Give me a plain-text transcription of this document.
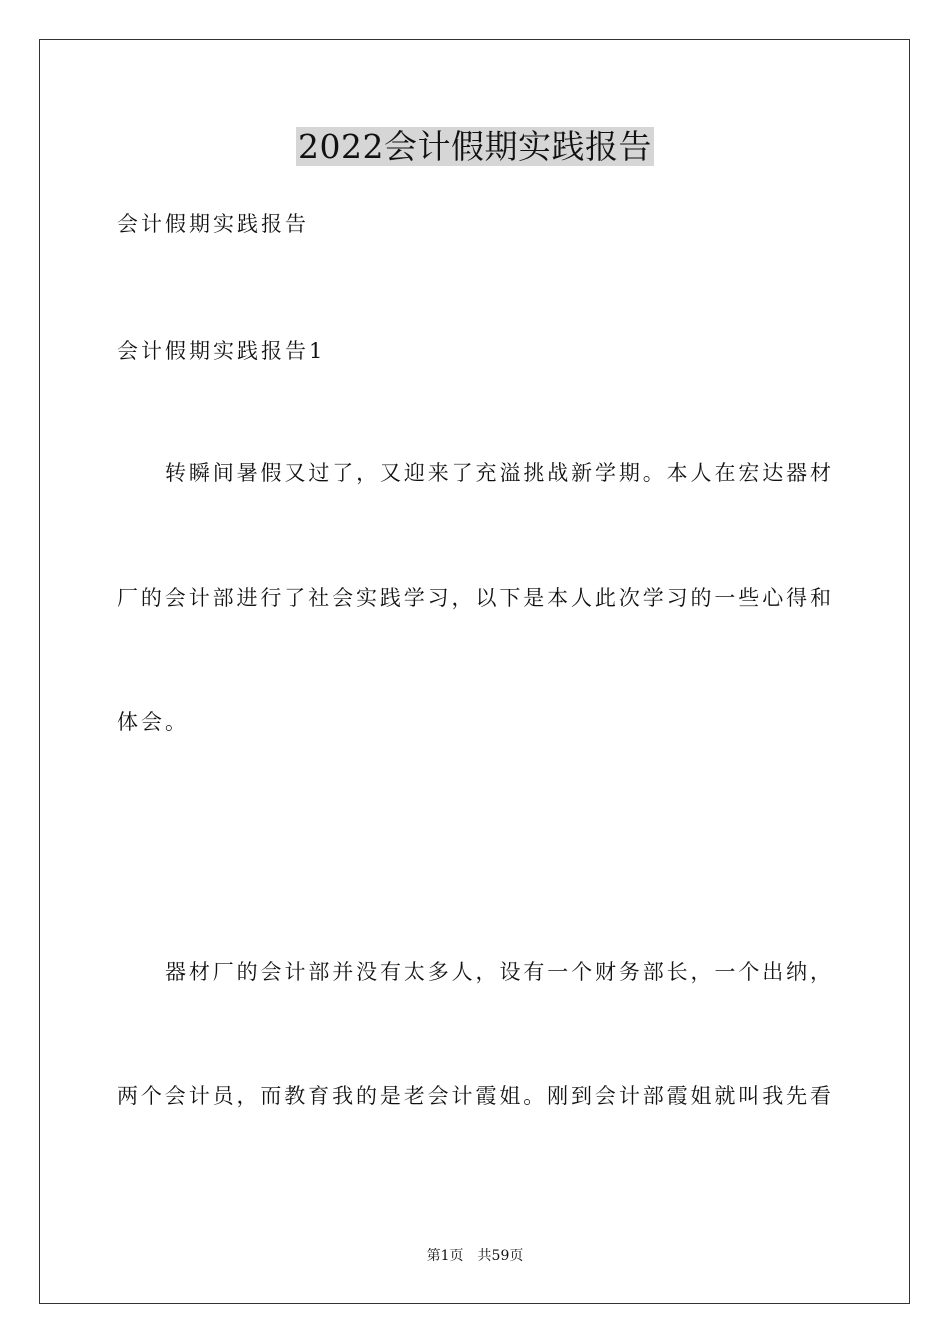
2022会计假期实践报告
会计假期实践报告
会计假期实践报告1
转瞬间暑假又过了，又迎来了充溢挑战新学期。本人在宏达器材
厂的会计部进行了社会实践学习，以下是本人此次学习的一些心得和
体会。
器材厂的会计部并没有太多人，设有一个财务部长，一个出纳，
两个会计员，而教育我的是老会计霞姐。刚到会计部霞姐就叫我先看
第1页 共59页
